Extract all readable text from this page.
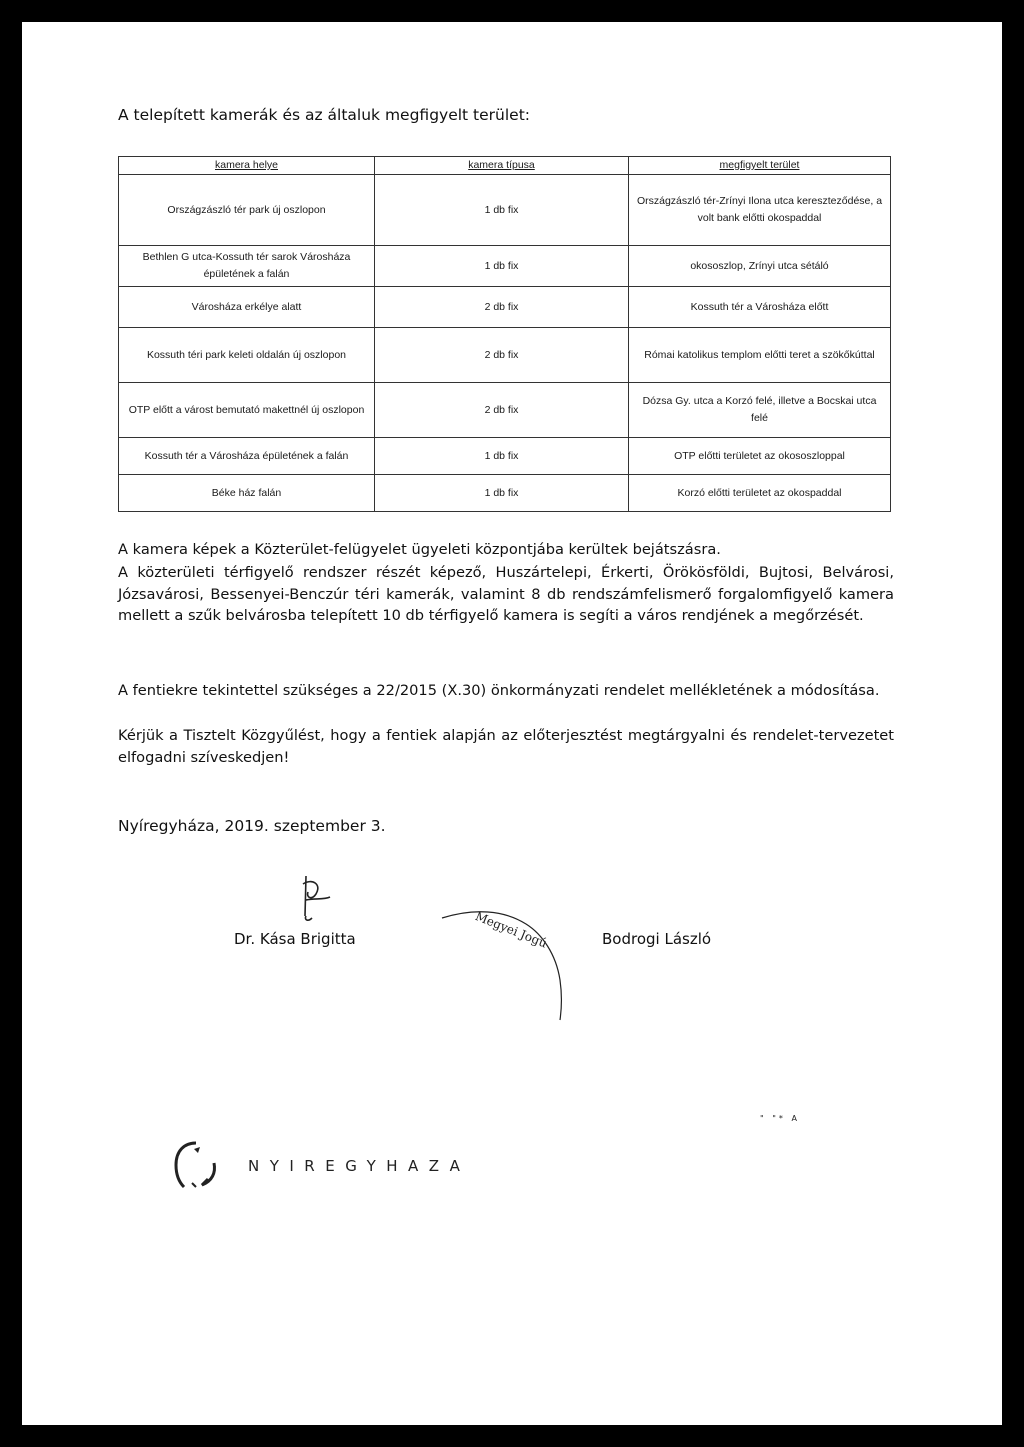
A telepített kamerák és az általuk megfigyelt terület:

kamera helye	kamera típusa	megfigyelt terület
Országzászló tér park új oszlopon	1 db fix	Országzászló tér-Zrínyi Ilona utca kereszteződése, a volt bank előtti okospaddal
Bethlen G utca-Kossuth tér sarok Városháza épületének a falán	1 db fix	okososzlop, Zrínyi utca sétáló
Városháza erkélye alatt	2 db fix	Kossuth tér a Városháza előtt
Kossuth téri park keleti oldalán új oszlopon	2 db fix	Római katolikus templom előtti teret a szökőkúttal
OTP előtt a várost bemutató makettnél új oszlopon	2 db fix	Dózsa Gy. utca a Korzó felé, illetve a Bocskai utca felé
Kossuth tér a Városháza épületének a falán	1 db fix	OTP előtti területet az okososzloppal
Béke ház falán	1 db fix	Korzó előtti területet az okospaddal

A kamera képek a Közterület-felügyelet ügyeleti központjába kerültek bejátszásra.

A közterületi térfigyelő rendszer részét képező, Huszártelepi, Érkerti, Örökösföldi, Bujtosi, Belvárosi, Józsavárosi, Bessenyei-Benczúr téri kamerák, valamint 8 db rendszámfelismerő forgalomfigyelő kamera mellett a szűk belvárosba telepített 10 db térfigyelő kamera is segíti a város rendjének a megőrzését.

A fentiekre tekintettel szükséges a 22/2015 (X.30) önkormányzati rendelet mellékletének a módosítása.

Kérjük a Tisztelt Közgyűlést, hogy a fentiek alapján az előterjesztést megtárgyalni és rendelet-tervezetet elfogadni szíveskedjen!

Nyíregyháza, 2019. szeptember 3.

Dr. Kása Brigitta	Megyei Jogú	Bodrogi László

" "* A

NYIREGYHAZA
